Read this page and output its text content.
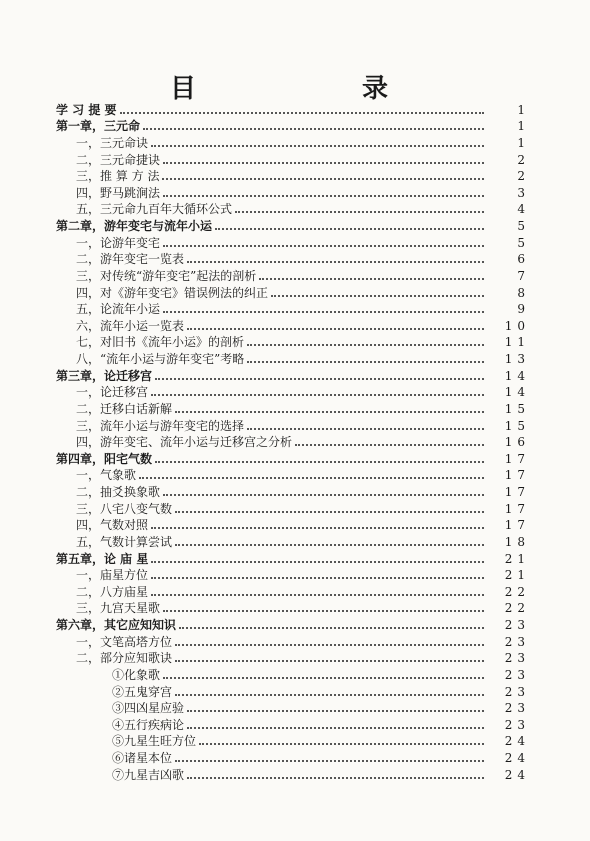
目	录
学 习 提 要	1
第一章，三元命	1
一，三元命诀	1
二，三元命捷诀	2
三，推 算 方 法	2
四，野马跳涧法	3
五，三元命九百年大循环公式	4
第二章，游年变宅与流年小运	5
一，论游年变宅	5
二，游年变宅一览表	6
三，对传统“游年变宅”起法的剖析	7
四，对《游年变宅》错误例法的纠正	8
五，论流年小运	9
六，流年小运一览表	10
七，对旧书《流年小运》的剖析	11
八，“流年小运与游年变宅”考略	13
第三章，论迁移宫	14
一，论迁移宫	14
二，迁移白话新解	15
三，流年小运与游年变宅的选择	15
四，游年变宅、流年小运与迁移宫之分析	16
第四章，阳宅气数	17
一，气象歌	17
二，抽爻换象歌	17
三，八宅八变气数	17
四，气数对照	17
五，气数计算尝试	18
第五章，论 庙 星	21
一，庙星方位	21
二，八方庙星	22
三，九宫天星歌	22
第六章，其它应知知识	23
一，文笔高塔方位	23
二，部分应知歌诀	23
①化象歌	23
②五鬼穿宫	23
③四凶星应验	23
④五行疾病论	23
⑤九星生旺方位	24
⑥诸星本位	24
⑦九星吉凶歌	24
